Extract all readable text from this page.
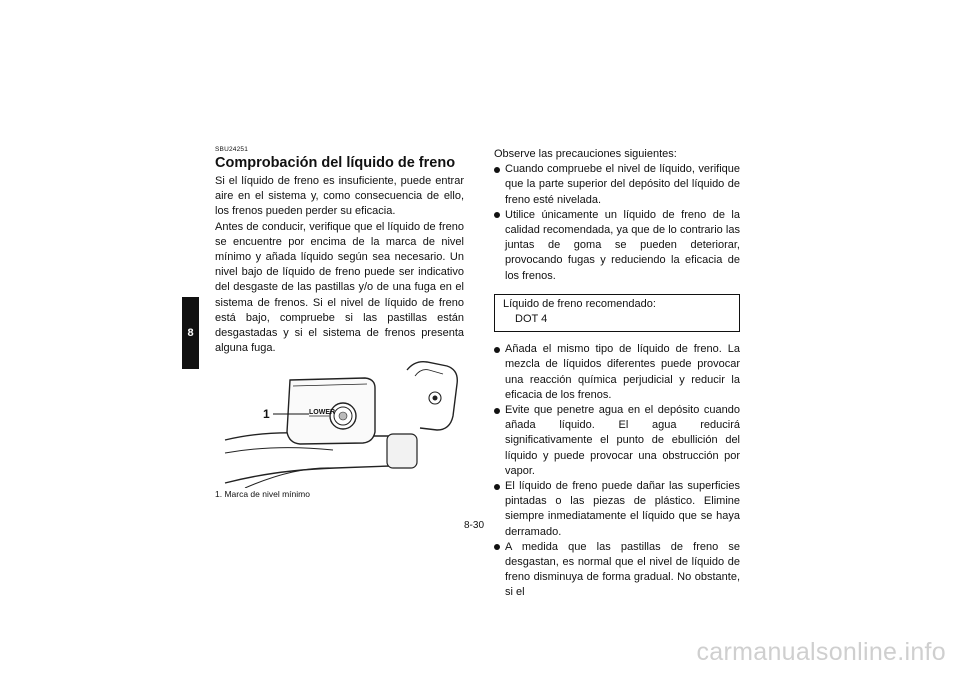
8

SBU24251

Comprobación del líquido de freno

Si el líquido de freno es insuficiente, puede entrar aire en el sistema y, como consecuencia de ello, los frenos pueden perder su eficacia.

Antes de conducir, verifique que el líquido de freno se encuentre por encima de la marca de nivel mínimo y añada líquido según sea necesario. Un nivel bajo de líquido de freno puede ser indicativo del desgaste de las pastillas y/o de una fuga en el sistema de frenos. Si el nivel de líquido de freno está bajo, compruebe si las pastillas están desgastadas y si el sistema de frenos presenta alguna fuga.

LOWER
1
1. Marca de nivel mínimo

Observe las precauciones siguientes:

Cuando compruebe el nivel de líquido, verifique que la parte superior del depósito del líquido de freno esté nivelada.
Utilice únicamente un líquido de freno de la calidad recomendada, ya que de lo contrario las juntas de goma se pueden deteriorar, provocando fugas y reduciendo la eficacia de los frenos.
Líquido de freno recomendado:
DOT 4
Añada el mismo tipo de líquido de freno. La mezcla de líquidos diferentes puede provocar una reacción química perjudicial y reducir la eficacia de los frenos.
Evite que penetre agua en el depósito cuando añada líquido. El agua reducirá significativamente el punto de ebullición del líquido y puede provocar una obstrucción por vapor.
El líquido de freno puede dañar las superficies pintadas o las piezas de plástico. Elimine siempre inmediatamente el líquido que se haya derramado.
A medida que las pastillas de freno se desgastan, es normal que el nivel de líquido de freno disminuya de forma gradual. No obstante, si el
8-30
carmanualsonline.info
